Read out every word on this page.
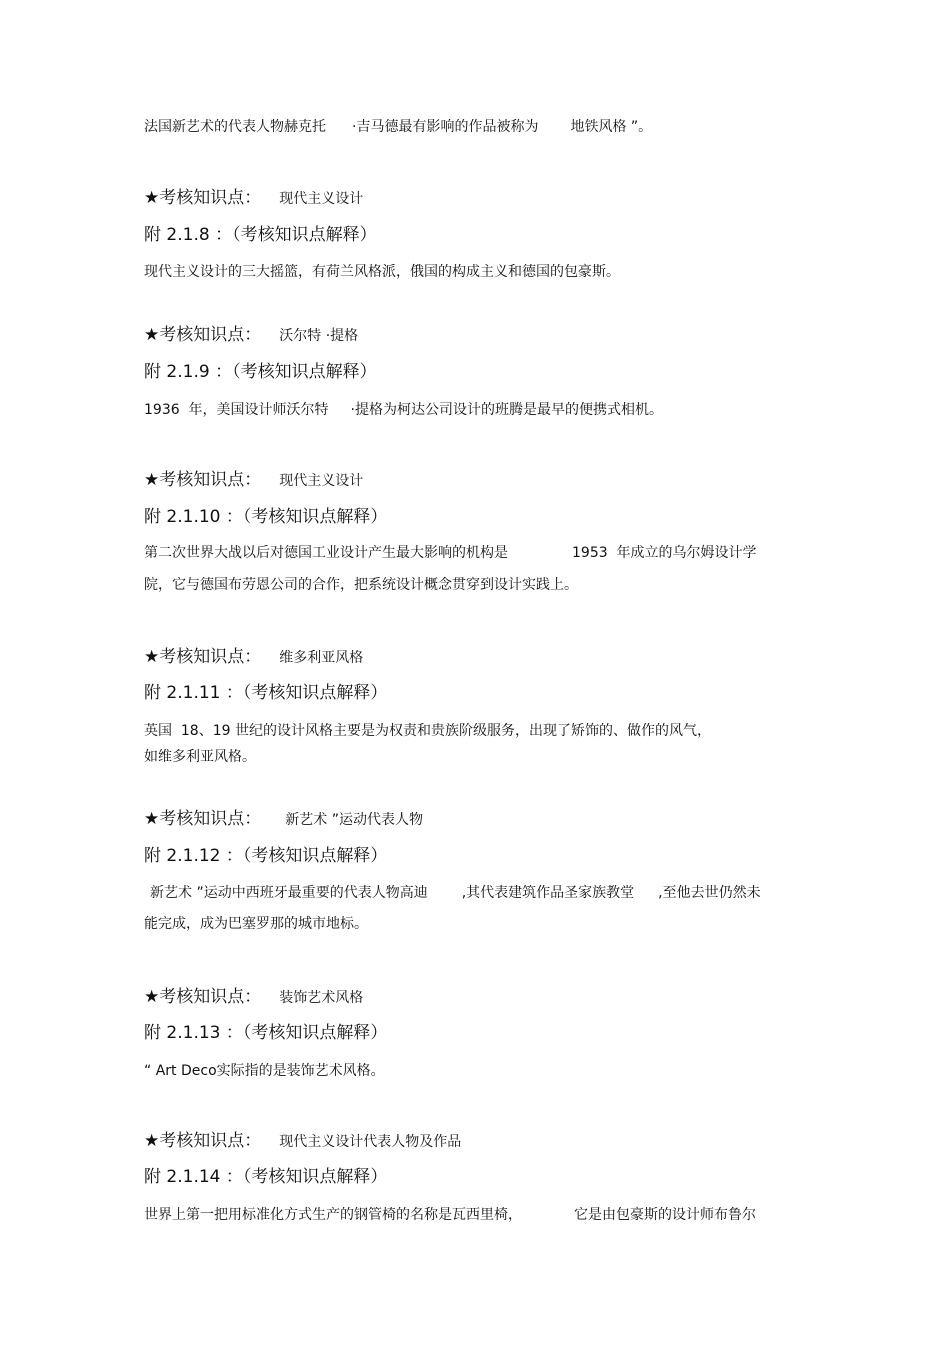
法国新艺术的代表人物赫克托 ·吉马德最有影响的作品被称为 地铁风格 ”。
★考核知识点： 现代主义设计
附 2.1.8 ：（考核知识点解释）
现代主义设计的三大摇篮，有荷兰风格派，俄国的构成主义和德国的包豪斯。
★考核知识点： 沃尔特 ·提格
附 2.1.9 ：（考核知识点解释）
1936  年，美国设计师沃尔特 ·提格为柯达公司设计的班腾是最早的便携式相机。
★考核知识点： 现代主义设计
附 2.1.10 ：（考核知识点解释）
第二次世界大战以后对德国工业设计产生最大影响的机构是	1953  年成立的乌尔姆设计学
院，它与德国布劳恩公司的合作，把系统设计概念贯穿到设计实践上。
★考核知识点： 维多利亚风格
附 2.1.11 ：（考核知识点解释）
英国  18、19 世纪的设计风格主要是为权责和贵族阶级服务，出现了矫饰的、做作的风气，
如维多利亚风格。
★考核知识点： 新艺术 ”运动代表人物
附 2.1.12 ：（考核知识点解释）
新艺术 ”运动中西班牙最重要的代表人物高迪 ,其代表建筑作品圣家族教堂 ,至他去世仍然未
能完成，成为巴塞罗那的城市地标。
★考核知识点： 装饰艺术风格
附 2.1.13 ：（考核知识点解释）
“ Art Deco实际指的是装饰艺术风格。
★考核知识点： 现代主义设计代表人物及作品
附 2.1.14 ：（考核知识点解释）
世界上第一把用标准化方式生产的钢管椅的名称是瓦西里椅，	它是由包豪斯的设计师布鲁尔
